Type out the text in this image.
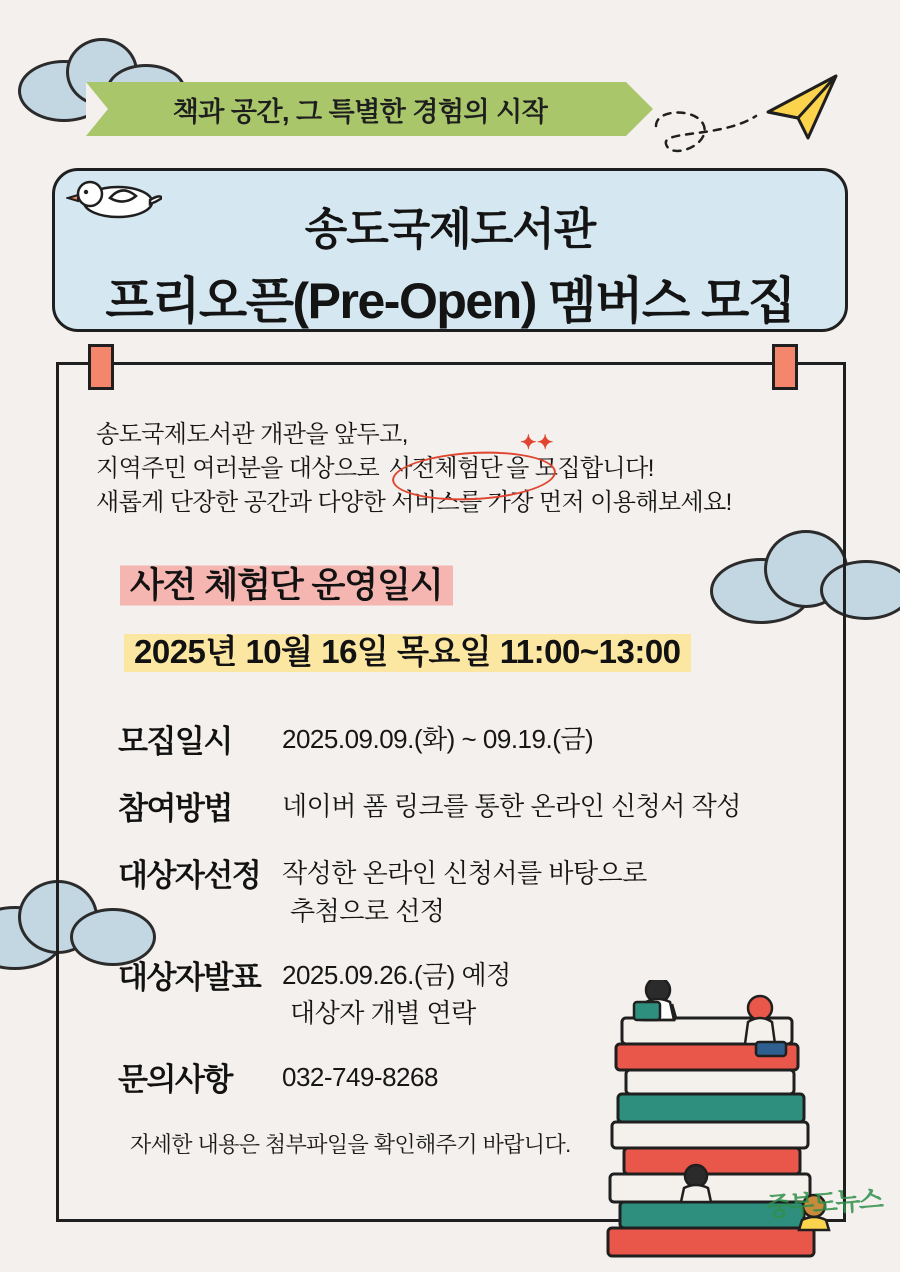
책과 공간, 그 특별한 경험의 시작
송도국제도서관
프리오픈(Pre-Open) 멤버스 모집
송도국제도서관 개관을 앞두고,
지역주민 여러분을 대상으로 사전체험단 을 모집합니다!
새롭게 단장한 공간과 다양한 서비스를 가장 먼저 이용해보세요!
✦✦
사전 체험단 운영일시
2025년 10월 16일 목요일 11:00~13:00
모집일시	2025.09.09.(화) ~ 09.19.(금)
참여방법	네이버 폼 링크를 통한 온라인 신청서 작성
대상자선정 작성한 온라인 신청서를 바탕으로
추첨으로 선정
대상자발표 2025.09.26.(금) 예정
대상자 개별 연락
문의사항	032-749-8268
자세한 내용은 첨부파일을 확인해주기 바랍니다.
중부도뉴스
